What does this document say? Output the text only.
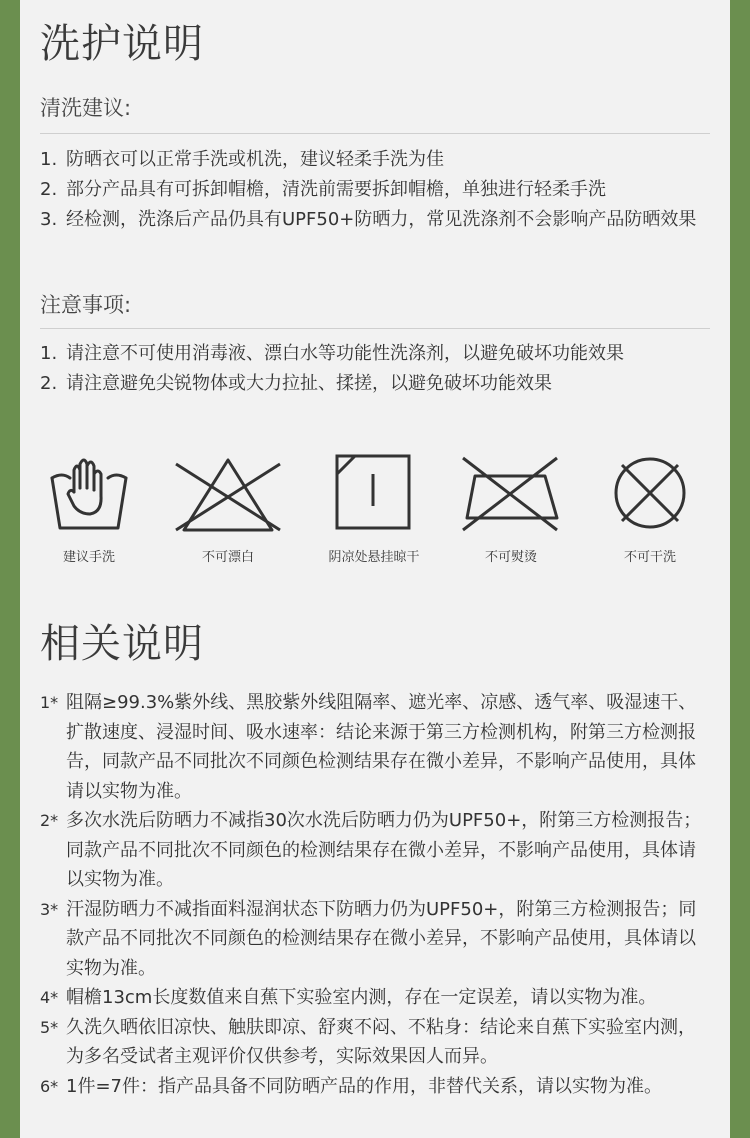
洗护说明
清洗建议:
1. 防晒衣可以正常手洗或机洗，建议轻柔手洗为佳
2. 部分产品具有可拆卸帽檐，清洗前需要拆卸帽檐，单独进行轻柔手洗
3. 经检测，洗涤后产品仍具有UPF50+防晒力，常见洗涤剂不会影响产品防晒效果
注意事项:
1. 请注意不可使用消毒液、漂白水等功能性洗涤剂，以避免破坏功能效果
2. 请注意避免尖锐物体或大力拉扯、揉搓，以避免破坏功能效果
建议手洗	不可漂白	阴凉处悬挂晾干	不可熨烫	不可干洗
相关说明
1* 阻隔≥99.3%紫外线、黑胶紫外线阻隔率、遮光率、凉感、透气率、吸湿速干、扩散速度、浸湿时间、吸水速率：结论来源于第三方检测机构，附第三方检测报告，同款产品不同批次不同颜色检测结果存在微小差异，不影响产品使用，具体请以实物为准。
2* 多次水洗后防晒力不减指30次水洗后防晒力仍为UPF50+，附第三方检测报告；同款产品不同批次不同颜色的检测结果存在微小差异，不影响产品使用，具体请以实物为准。
3* 汗湿防晒力不减指面料湿润状态下防晒力仍为UPF50+，附第三方检测报告；同款产品不同批次不同颜色的检测结果存在微小差异，不影响产品使用，具体请以实物为准。
4* 帽檐13cm长度数值来自蕉下实验室内测，存在一定误差，请以实物为准。
5* 久洗久晒依旧凉快、触肤即凉、舒爽不闷、不粘身：结论来自蕉下实验室内测，为多名受试者主观评价仅供参考，实际效果因人而异。
6* 1件=7件：指产品具备不同防晒产品的作用，非替代关系，请以实物为准。
